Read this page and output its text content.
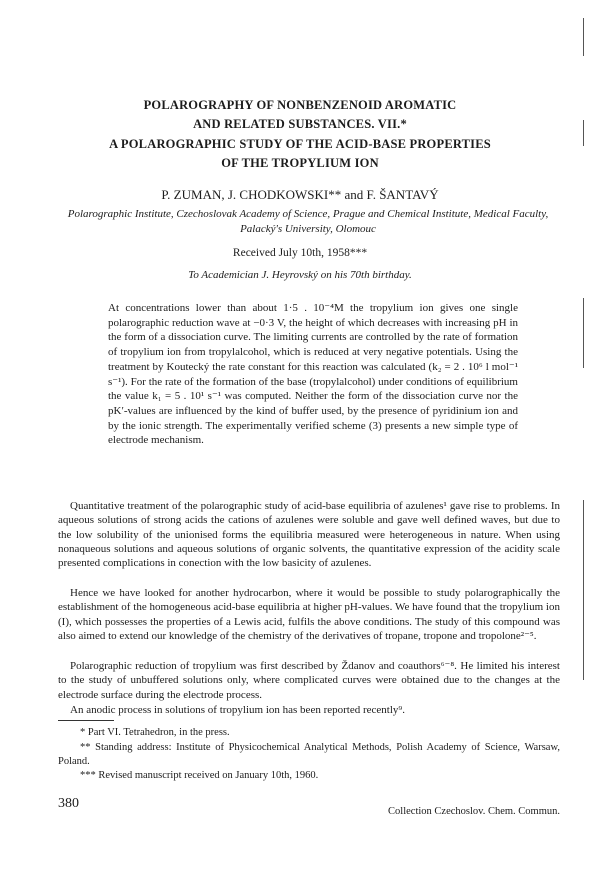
POLAROGRAPHY OF NONBENZENOID AROMATIC

AND RELATED SUBSTANCES. VII.*

A POLAROGRAPHIC STUDY OF THE ACID-BASE PROPERTIES

OF THE TROPYLIUM ION

P. ZUMAN, J. CHODKOWSKI** and F. ŠANTAVÝ

Polarographic Institute, Czechoslovak Academy of Science, Prague and Chemical Institute, Medical Faculty, Palacký's University, Olomouc

Received July 10th, 1958***

To Academician J. Heyrovský on his 70th birthday.

At concentrations lower than about 1·5 . 10⁻⁴M the tropylium ion gives one single polarographic reduction wave at −0·3 V, the height of which decreases with increasing pH in the form of a dissociation curve. The limiting currents are controlled by the rate of formation of tropylium ion from tropylalcohol, which is reduced at very negative potentials. Using the treatment by Koutecký the rate constant for this reaction was calculated (k₂ = 2 . 10⁶ l mol⁻¹ s⁻¹). For the rate of the formation of the base (tropylalcohol) under conditions of equilibrium the value k₁ = 5 . 10¹ s⁻¹ was computed. Neither the form of the dissociation curve nor the pK′-values are influenced by the kind of buffer used, by the presence of pyridinium ion and by the ionic strength. The experimentally verified scheme (3) presents a new simple type of electrode mechanism.

Quantitative treatment of the polarographic study of acid-base equilibria of azulenes¹ gave rise to problems. In aqueous solutions of strong acids the cations of azulenes were soluble and gave well defined waves, but due to the low solubility of the unionised forms the equilibria measured were heterogeneous in nature. When using nonaqueous solutions and aqueous solutions of organic solvents, the quantitative expression of the acidity scale presented complications in conection with the low basicity of azulenes.

Hence we have looked for another hydrocarbon, where it would be possible to study polarographically the establishment of the homogeneous acid-base equilibria at higher pH-values. We have found that the tropylium ion (I), which possesses the properties of a Lewis acid, fulfils the above conditions. The study of this compound was also aimed to extend our knowledge of the chemistry of the derivatives of tropane, tropone and tropolone²⁻⁵.

Polarographic reduction of tropylium was first described by Ždanov and coauthors⁶⁻⁸. He limited his interest to the study of unbuffered solutions only, where complicated curves were obtained due to the changes at the electrode surface during the electrode process.

An anodic process in solutions of tropylium ion has been reported recently⁹.

* Part VI. Tetrahedron, in the press.

** Standing address: Institute of Physicochemical Analytical Methods, Polish Academy of Science, Warsaw, Poland.

*** Revised manuscript received on January 10th, 1960.

380

Collection Czechoslov. Chem. Commun.
